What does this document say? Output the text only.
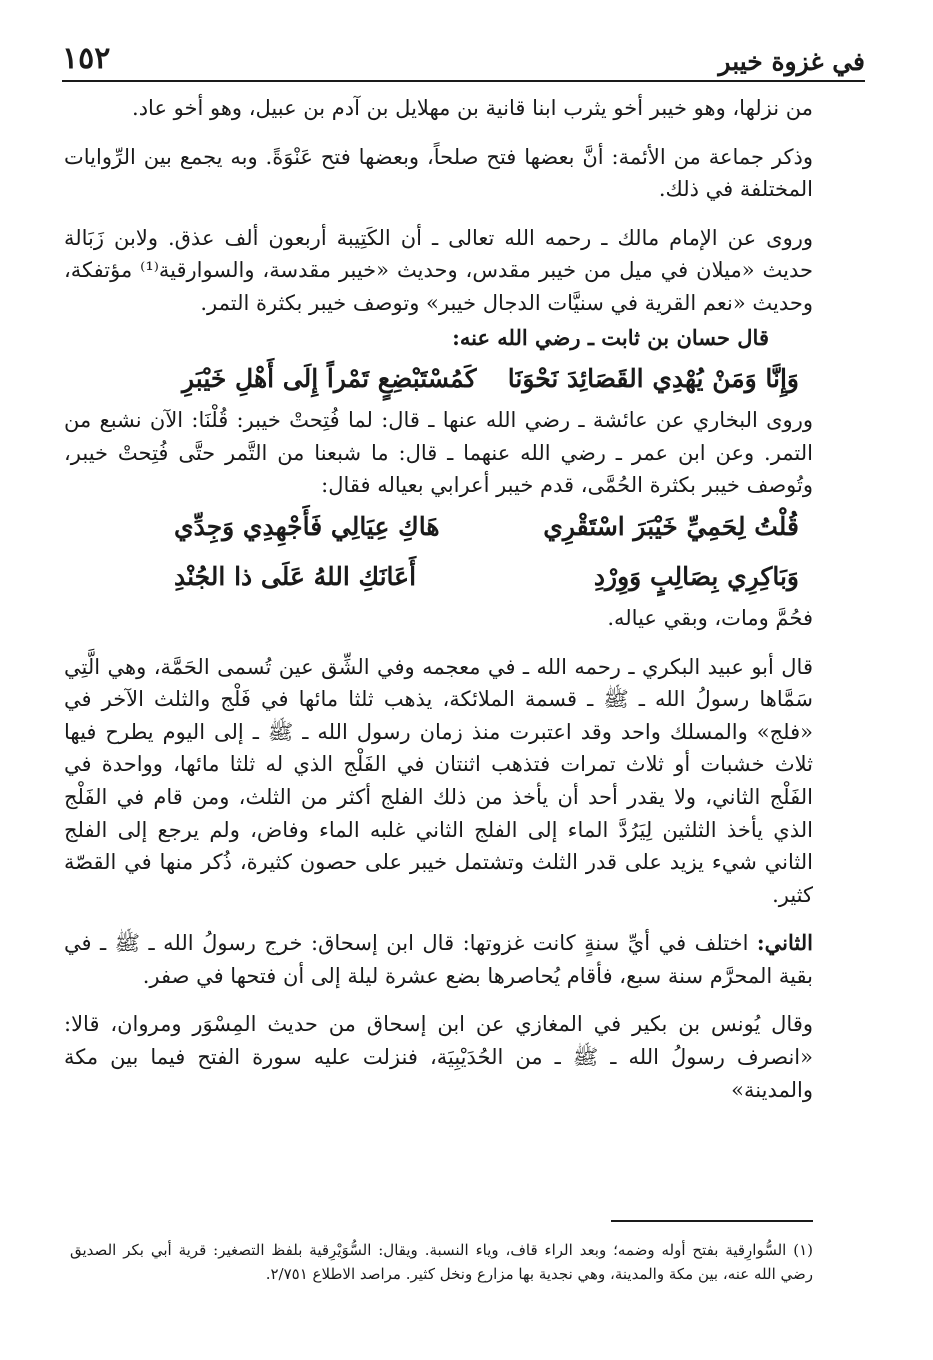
في غزوة خيبر
١٥٢

من نزلها، وهو خيبر أخو يثرب ابنا قانية بن مهلايل بن آدم بن عبيل، وهو أخو عاد.

وذكر جماعة من الأئمة: أنَّ بعضها فتح صلحاً، وبعضها فتح عَنْوَةً. وبه يجمع بين الرِّوايات المختلفة في ذلك.

وروى عن الإمام مالك ـ رحمه الله تعالى ـ أن الكَتِيبة أربعون ألف عذق. ولابن زَبَالة حديث «ميلان في ميل من خيبر مقدس، وحديث «خيبر مقدسة، والسوارقية⁽¹⁾ مؤتفكة، وحديث «نعم القرية في سنيَّات الدجال خيبر» وتوصف خيبر بكثرة التمر.

قال حسان بن ثابت ـ رضي الله عنه:

وَإِنَّا وَمَنْ يُهْدِي القَصَائِدَ نَحْوَنَا
كَمُسْتَبْضِعٍ تَمْراً إِلَى أَهْلِ خَيْبَرِ

وروى البخاري عن عائشة ـ رضي الله عنها ـ قال: لما فُتِحتْ خيبر: قُلْنَا: الآن نشبع من التمر. وعن ابن عمر ـ رضي الله عنهما ـ قال: ما شبعنا من التَّمر حتَّى فُتِحتْ خيبر، وتُوصف خيبر بكثرة الحُمَّى، قدم خيبر أعرابي بعياله فقال:

قُلْتُ لِحَمِيِّ خَيْبَرَ اسْتَقْرِي
هَاكِ عِيَالِي فَأَجْهِدِي وَجِدِّي
وَبَاكِرِي بِصَالِبٍ وَوِرْدِ
أَعَانَكِ اللهُ عَلَى ذا الجُنْدِ

فحُمَّ ومات، وبقي عياله.

قال أبو عبيد البكري ـ رحمه الله ـ في معجمه وفي الشِّق عين تُسمى الحَمَّة، وهي الَّتِي سَمَّاها رسولُ الله ـ ﷺ ـ قسمة الملائكة، يذهب ثلثا مائها في فَلْج والثلث الآخر في «فلج» والمسلك واحد وقد اعتبرت منذ زمان رسول الله ـ ﷺ ـ إلى اليوم يطرح فيها ثلاث خشبات أو ثلاث تمرات فتذهب اثنتان في الفَلْج الذي له ثلثا مائها، وواحدة في الفَلْج الثاني، ولا يقدر أحد أن يأخذ من ذلك الفلج أكثر من الثلث، ومن قام في الفَلْج الذي يأخذ الثلثين لِيَرُدَّ الماء إلى الفلج الثاني غلبه الماء وفاض، ولم يرجع إلى الفلج الثاني شيء يزيد على قدر الثلث وتشتمل خيبر على حصون كثيرة، ذُكر منها في القصّة كثير.

الثاني: اختلف في أيِّ سنةٍ كانت غزوتها: قال ابن إسحاق: خرج رسولُ الله ـ ﷺ ـ في بقية المحرَّم سنة سبع، فأقام يُحاصرها بضع عشرة ليلة إلى أن فتحها في صفر.

وقال يُونس بن بكير في المغازي عن ابن إسحاق من حديث المِسْوَر ومروان، قالا: «انصرف رسولُ الله ـ ﷺ ـ من الحُدَيْبِيَة، فنزلت عليه سورة الفتح فيما بين مكة والمدينة»

(١) السُّوارِقية بفتح أوله وضمه؛ وبعد الراء قاف، وياء النسبة. ويقال: السُّوَيْرِقية بلفظ التصغير: قرية أبي بكر الصديق رضي الله عنه، بين مكة والمدينة، وهي نجدية بها مزارع ونخل كثير. مراصد الاطلاع ٢/٧٥١.
